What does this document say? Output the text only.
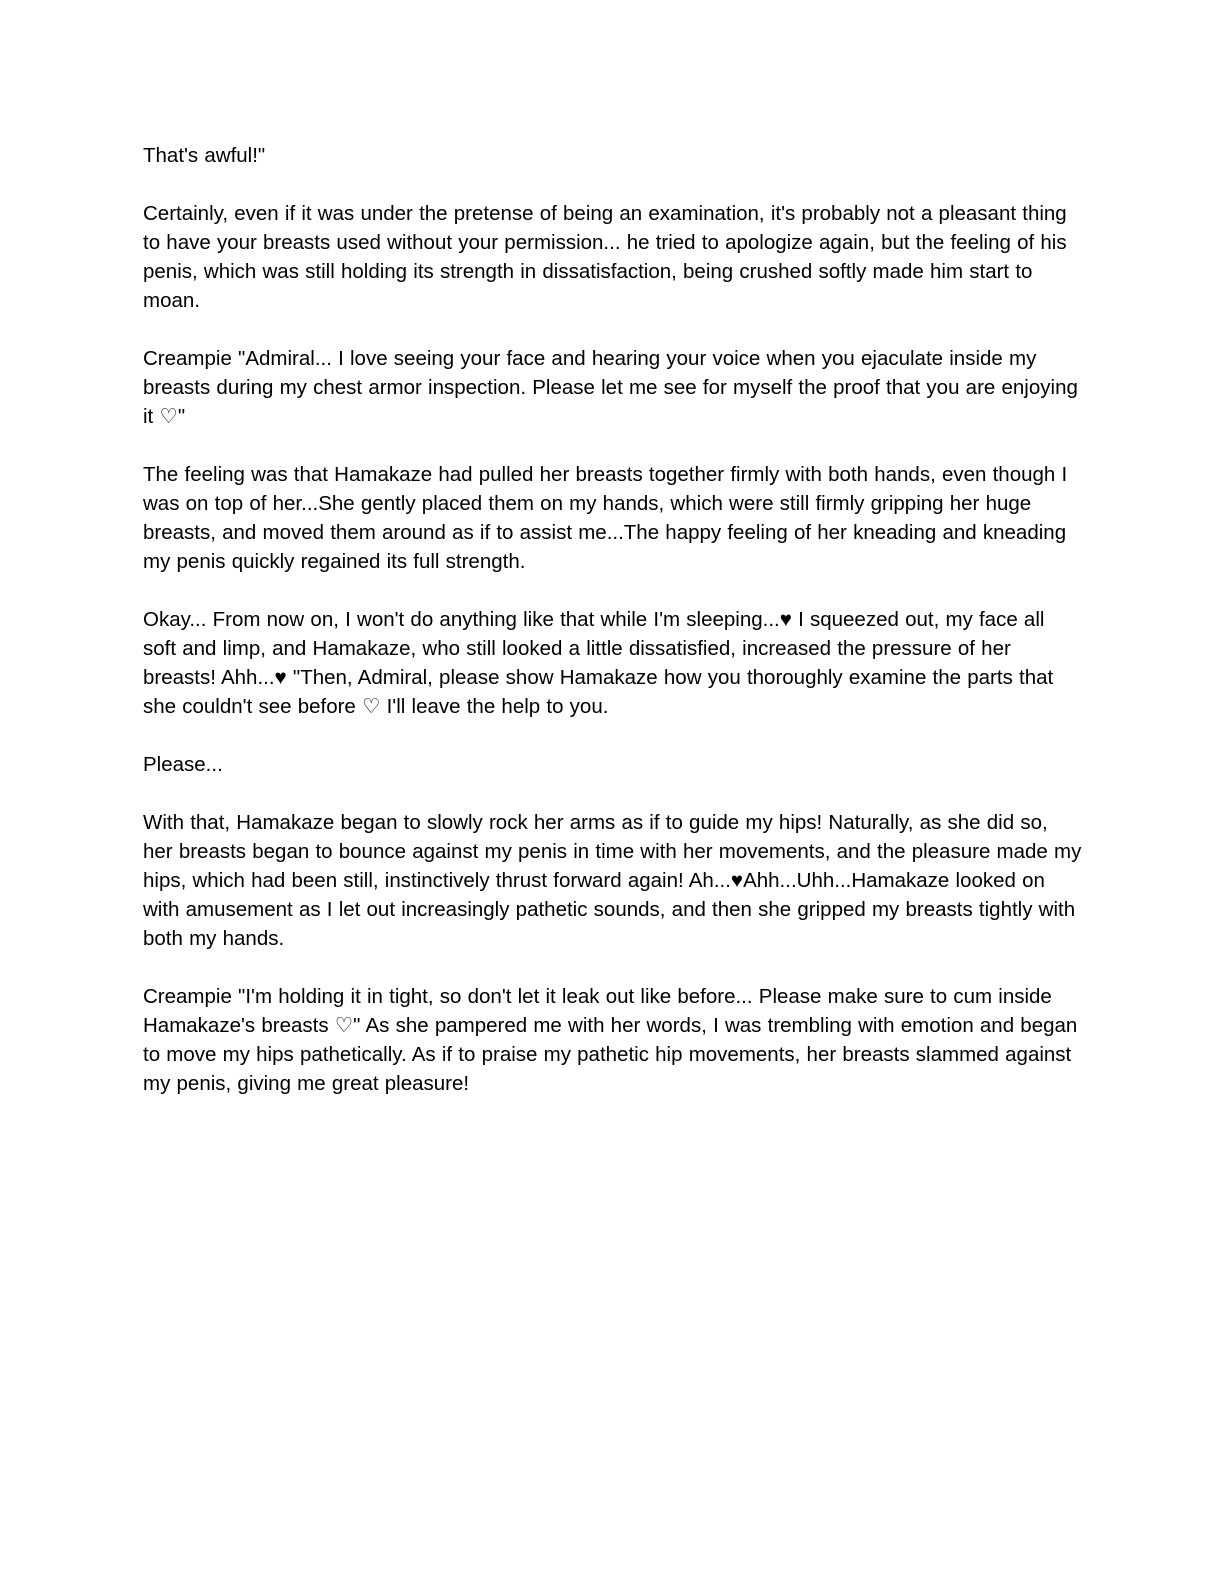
That's awful!"

Certainly, even if it was under the pretense of being an examination, it's probably not a pleasant thing to have your breasts used without your permission... he tried to apologize again, but the feeling of his penis, which was still holding its strength in dissatisfaction, being crushed softly made him start to moan.

Creampie "Admiral... I love seeing your face and hearing your voice when you ejaculate inside my breasts during my chest armor inspection. Please let me see for myself the proof that you are enjoying it ♡"

The feeling was that Hamakaze had pulled her breasts together firmly with both hands, even though I was on top of her...She gently placed them on my hands, which were still firmly gripping her huge breasts, and moved them around as if to assist me...The happy feeling of her kneading and kneading my penis quickly regained its full strength.

Okay... From now on, I won't do anything like that while I'm sleeping...♥ I squeezed out, my face all soft and limp, and Hamakaze, who still looked a little dissatisfied, increased the pressure of her breasts! Ahh...♥ "Then, Admiral, please show Hamakaze how you thoroughly examine the parts that she couldn't see before ♡ I'll leave the help to you.

Please...

With that, Hamakaze began to slowly rock her arms as if to guide my hips! Naturally, as she did so, her breasts began to bounce against my penis in time with her movements, and the pleasure made my hips, which had been still, instinctively thrust forward again! Ah...♥Ahh...Uhh...Hamakaze looked on with amusement as I let out increasingly pathetic sounds, and then she gripped my breasts tightly with both my hands.

Creampie "I'm holding it in tight, so don't let it leak out like before... Please make sure to cum inside Hamakaze's breasts ♡" As she pampered me with her words, I was trembling with emotion and began to move my hips pathetically. As if to praise my pathetic hip movements, her breasts slammed against my penis, giving me great pleasure!
